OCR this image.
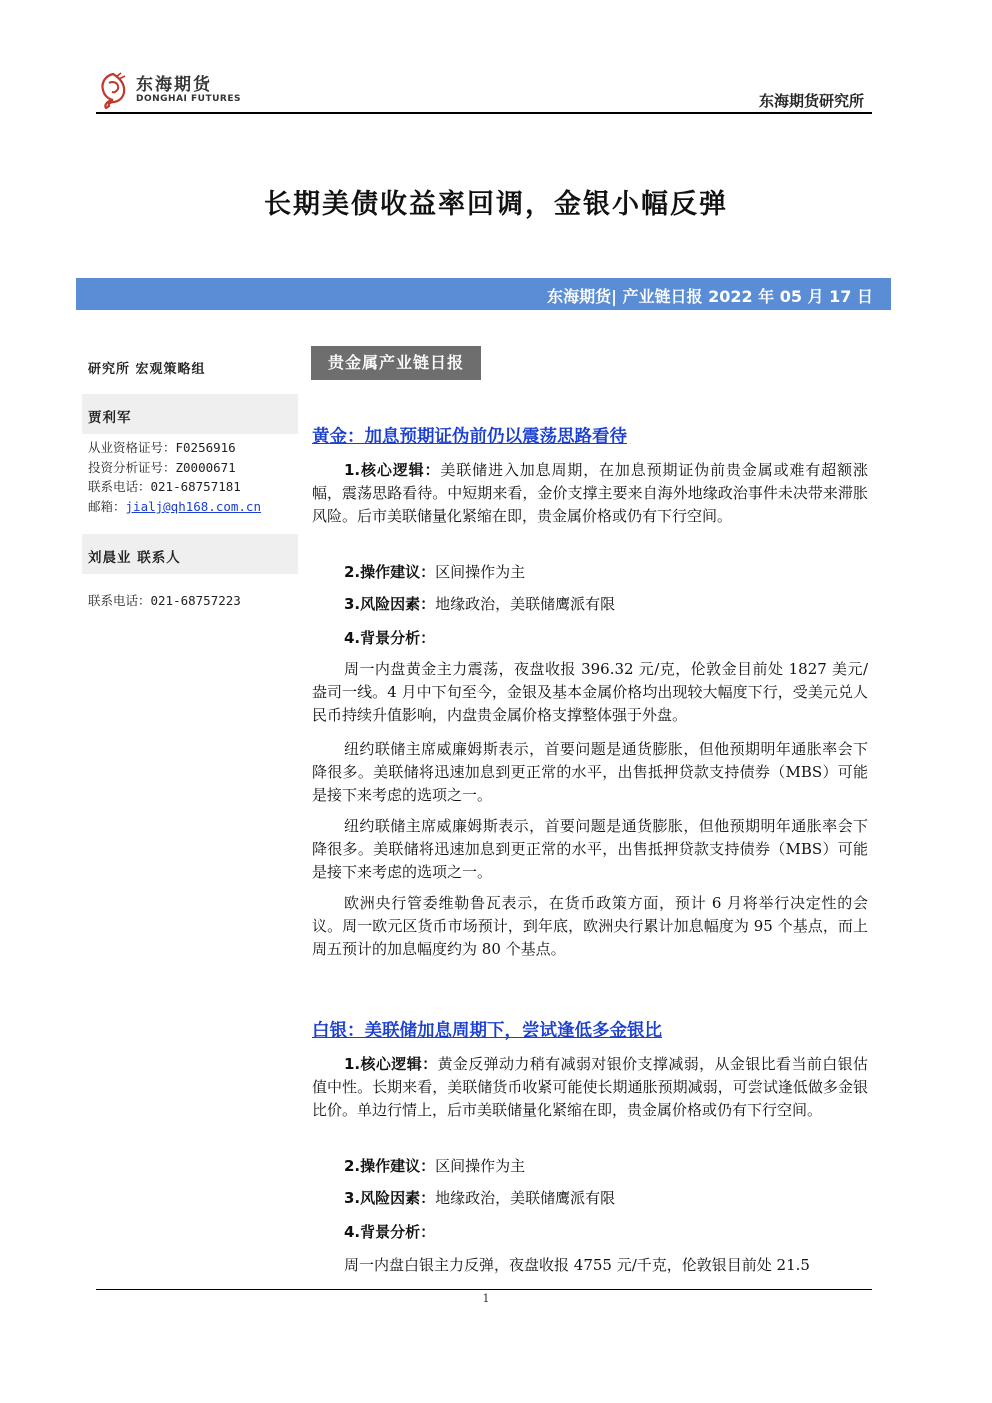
东海期货
DONGHAI FUTURES	东海期货研究所
长期美债收益率回调，金银小幅反弹
东海期货| 产业链日报 2022 年 05 月 17 日
研究所 宏观策略组
贾利军
从业资格证号：F0256916
投资分析证号：Z0000671
联系电话：021-68757181
邮箱：jialj@qh168.com.cn
刘晨业 联系人
联系电话：021-68757223
贵金属产业链日报
黄金：加息预期证伪前仍以震荡思路看待
1.核心逻辑：美联储进入加息周期，在加息预期证伪前贵金属或难有超额涨幅，震荡思路看待。中短期来看，金价支撑主要来自海外地缘政治事件未决带来滞胀风险。后市美联储量化紧缩在即，贵金属价格或仍有下行空间。
2.操作建议：区间操作为主
3.风险因素：地缘政治，美联储鹰派有限
4.背景分析：
周一内盘黄金主力震荡，夜盘收报 396.32 元/克，伦敦金目前处 1827 美元/盎司一线。4 月中下旬至今，金银及基本金属价格均出现较大幅度下行，受美元兑人民币持续升值影响，内盘贵金属价格支撑整体强于外盘。
纽约联储主席威廉姆斯表示，首要问题是通货膨胀，但他预期明年通胀率会下降很多。美联储将迅速加息到更正常的水平，出售抵押贷款支持债券（MBS）可能是接下来考虑的选项之一。
纽约联储主席威廉姆斯表示，首要问题是通货膨胀，但他预期明年通胀率会下降很多。美联储将迅速加息到更正常的水平，出售抵押贷款支持债券（MBS）可能是接下来考虑的选项之一。
欧洲央行管委维勒鲁瓦表示，在货币政策方面，预计 6 月将举行决定性的会议。周一欧元区货币市场预计，到年底，欧洲央行累计加息幅度为 95 个基点，而上周五预计的加息幅度约为 80 个基点。
白银：美联储加息周期下，尝试逢低多金银比
1.核心逻辑：黄金反弹动力稍有减弱对银价支撑减弱，从金银比看当前白银估值中性。长期来看，美联储货币收紧可能使长期通胀预期减弱，可尝试逢低做多金银比价。单边行情上，后市美联储量化紧缩在即，贵金属价格或仍有下行空间。
2.操作建议：区间操作为主
3.风险因素：地缘政治，美联储鹰派有限
4.背景分析：
周一内盘白银主力反弹，夜盘收报 4755 元/千克，伦敦银目前处 21.5
1
